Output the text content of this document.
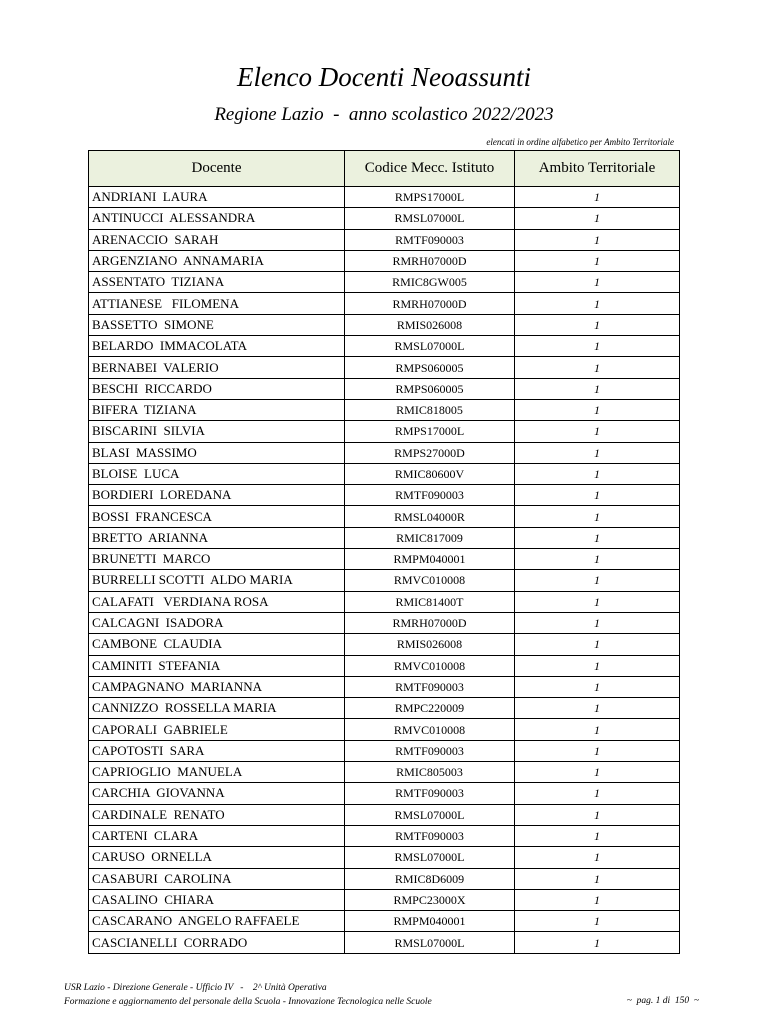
Elenco Docenti Neoassunti
Regione Lazio  -  anno scolastico 2022/2023
elencati in ordine alfabetico per Ambito Territoriale
Docente	Codice Mecc. Istituto	Ambito Territoriale
ANDRIANI  LAURA	RMPS17000L	1
ANTINUCCI  ALESSANDRA	RMSL07000L	1
ARENACCIO  SARAH	RMTF090003	1
ARGENZIANO  ANNAMARIA	RMRH07000D	1
ASSENTATO  TIZIANA	RMIC8GW005	1
ATTIANESE   FILOMENA	RMRH07000D	1
BASSETTO  SIMONE	RMIS026008	1
BELARDO  IMMACOLATA	RMSL07000L	1
BERNABEI  VALERIO	RMPS060005	1
BESCHI  RICCARDO	RMPS060005	1
BIFERA  TIZIANA	RMIC818005	1
BISCARINI  SILVIA	RMPS17000L	1
BLASI  MASSIMO	RMPS27000D	1
BLOISE  LUCA	RMIC80600V	1
BORDIERI  LOREDANA	RMTF090003	1
BOSSI  FRANCESCA	RMSL04000R	1
BRETTO  ARIANNA	RMIC817009	1
BRUNETTI  MARCO	RMPM040001	1
BURRELLI SCOTTI  ALDO MARIA	RMVC010008	1
CALAFATI   VERDIANA ROSA	RMIC81400T	1
CALCAGNI  ISADORA	RMRH07000D	1
CAMBONE  CLAUDIA	RMIS026008	1
CAMINITI  STEFANIA	RMVC010008	1
CAMPAGNANO  MARIANNA	RMTF090003	1
CANNIZZO  ROSSELLA MARIA	RMPC220009	1
CAPORALI  GABRIELE	RMVC010008	1
CAPOTOSTI  SARA	RMTF090003	1
CAPRIOGLIO  MANUELA	RMIC805003	1
CARCHIA  GIOVANNA	RMTF090003	1
CARDINALE  RENATO	RMSL07000L	1
CARTENI  CLARA	RMTF090003	1
CARUSO  ORNELLA	RMSL07000L	1
CASABURI  CAROLINA	RMIC8D6009	1
CASALINO  CHIARA	RMPC23000X	1
CASCARANO  ANGELO RAFFAELE	RMPM040001	1
CASCIANELLI  CORRADO	RMSL07000L	1
USR Lazio - Direzione Generale - Ufficio IV   -    2^ Unità Operativa
Formazione e aggiornamento del personale della Scuola - Innovazione Tecnologica nelle Scuole	~  pag. 1 di  150  ~
